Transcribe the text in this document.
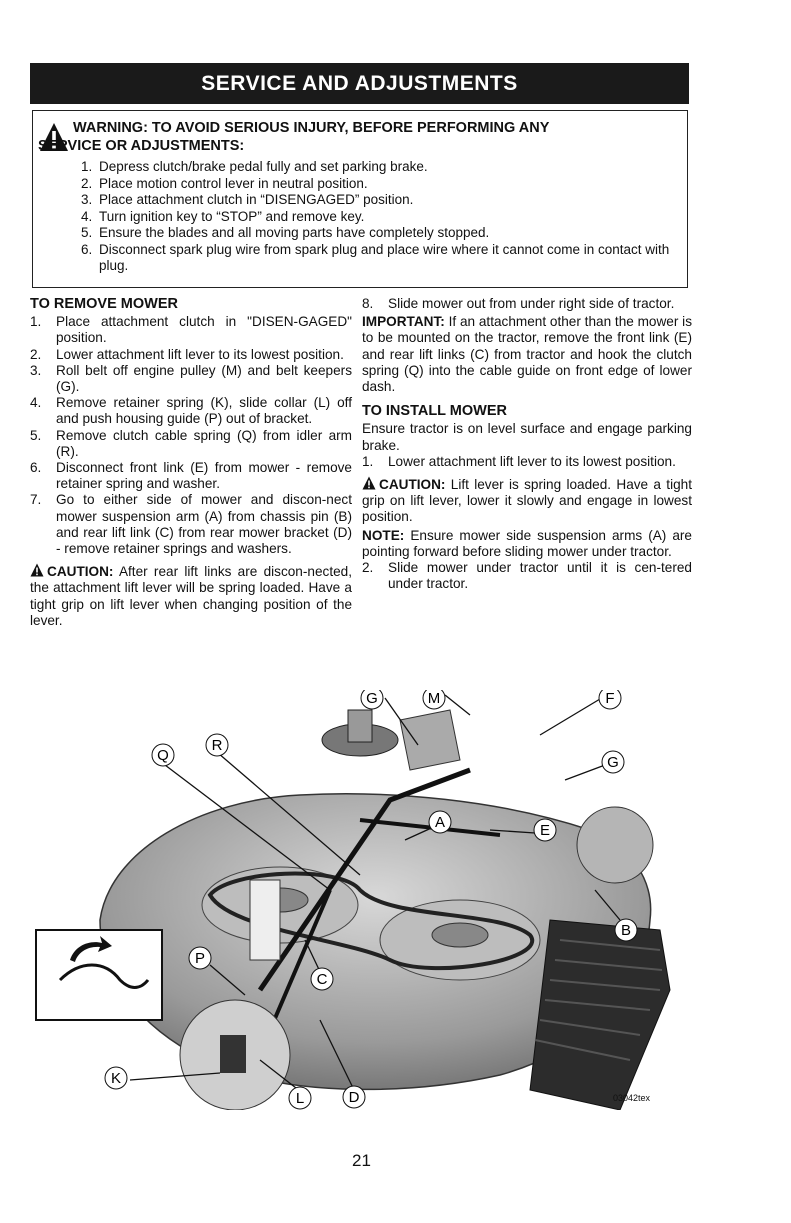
SERVICE AND ADJUSTMENTS
WARNING: TO AVOID SERIOUS INJURY, BEFORE PERFORMING ANY
SERVICE OR ADJUSTMENTS:
1. Depress clutch/brake pedal fully and set parking brake.
2. Place motion control lever in neutral position.
3. Place attachment clutch in “DISENGAGED” position.
4. Turn ignition key to “STOP” and remove key.
5. Ensure the blades and all moving parts have completely stopped.
6. Disconnect spark plug wire from spark plug and place wire where it cannot come in contact with plug.
TO REMOVE MOWER
1. Place attachment clutch in "DISEN-GAGED" position.
2. Lower attachment lift lever to its lowest position.
3. Roll belt off engine pulley (M) and belt keepers (G).
4. Remove retainer spring (K), slide collar (L) off and push housing guide (P) out of bracket.
5. Remove clutch cable spring (Q) from idler arm (R).
6. Disconnect front link (E) from mower - remove retainer spring and washer.
7. Go to either side of mower and discon-nect mower suspension arm (A) from chassis pin (B) and rear lift link (C) from rear mower bracket (D) - remove retainer springs and washers.

CAUTION: After rear lift links are discon-nected, the attachment lift lever will be spring loaded. Have a tight grip on lift lever when changing position of the lever.

8. Slide mower out from under right side of tractor.

IMPORTANT: If an attachment other than the mower is to be mounted on the tractor, remove the front link (E) and rear lift links (C) from tractor and hook the clutch spring (Q) into the cable guide on front edge of lower dash.

TO INSTALL MOWER

Ensure tractor is on level surface and engage parking brake.

1. Lower attachment lift lever to its lowest position.

CAUTION: Lift lever is spring loaded. Have a tight grip on lift lever, lower it slowly and engage in lowest position.

NOTE: Ensure mower side suspension arms (A) are pointing forward before sliding mower under tractor.

2. Slide mower under tractor until it is cen-tered under tractor.
G	M	F
G
Q
R
A	E
B
P
C
K
L	D	03042tex
21
